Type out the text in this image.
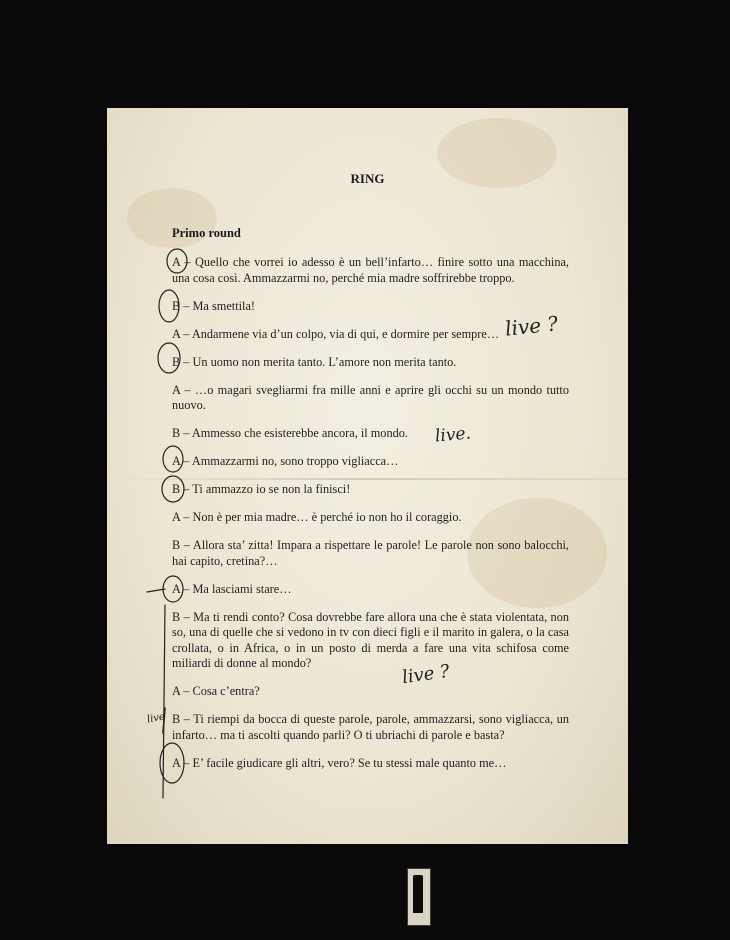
RING
Primo round

A – Quello che vorrei io adesso è un bell’infarto… finire sotto una macchina, una cosa così. Ammazzarmi no, perché mia madre soffrirebbe troppo.

B – Ma smettila!

A – Andarmene via d’un colpo, via di qui, e dormire per sempre…

B – Un uomo non merita tanto. L’amore non merita tanto.

A – …o magari svegliarmi fra mille anni e aprire gli occhi su un mondo tutto nuovo.

B – Ammesso che esisterebbe ancora, il mondo.

A – Ammazzarmi no, sono troppo vigliacca…

B – Ti ammazzo io se non la finisci!

A – Non è per mia madre… è perché io non ho il coraggio.

B – Allora sta’ zitta! Impara a rispettare le parole! Le parole non sono balocchi, hai capito, cretina?…

A – Ma lasciami stare…

B – Ma ti rendi conto? Cosa dovrebbe fare allora una che è stata violentata, non so, una di quelle che si vedono in tv con dieci figli e il marito in galera, o la casa crollata, o in Africa, o in un posto di merda a fare una vita schifosa come miliardi di donne al mondo?

A – Cosa c’entra?

B – Ti riempi da bocca di queste parole, parole, ammazzarsi, sono vigliacca, un infarto… ma ti ascolti quando parli? O ti ubriachi di parole e basta?

A – E’ facile giudicare gli altri, vero? Se tu stessi male quanto me…

live ?
live.
live ?
live
